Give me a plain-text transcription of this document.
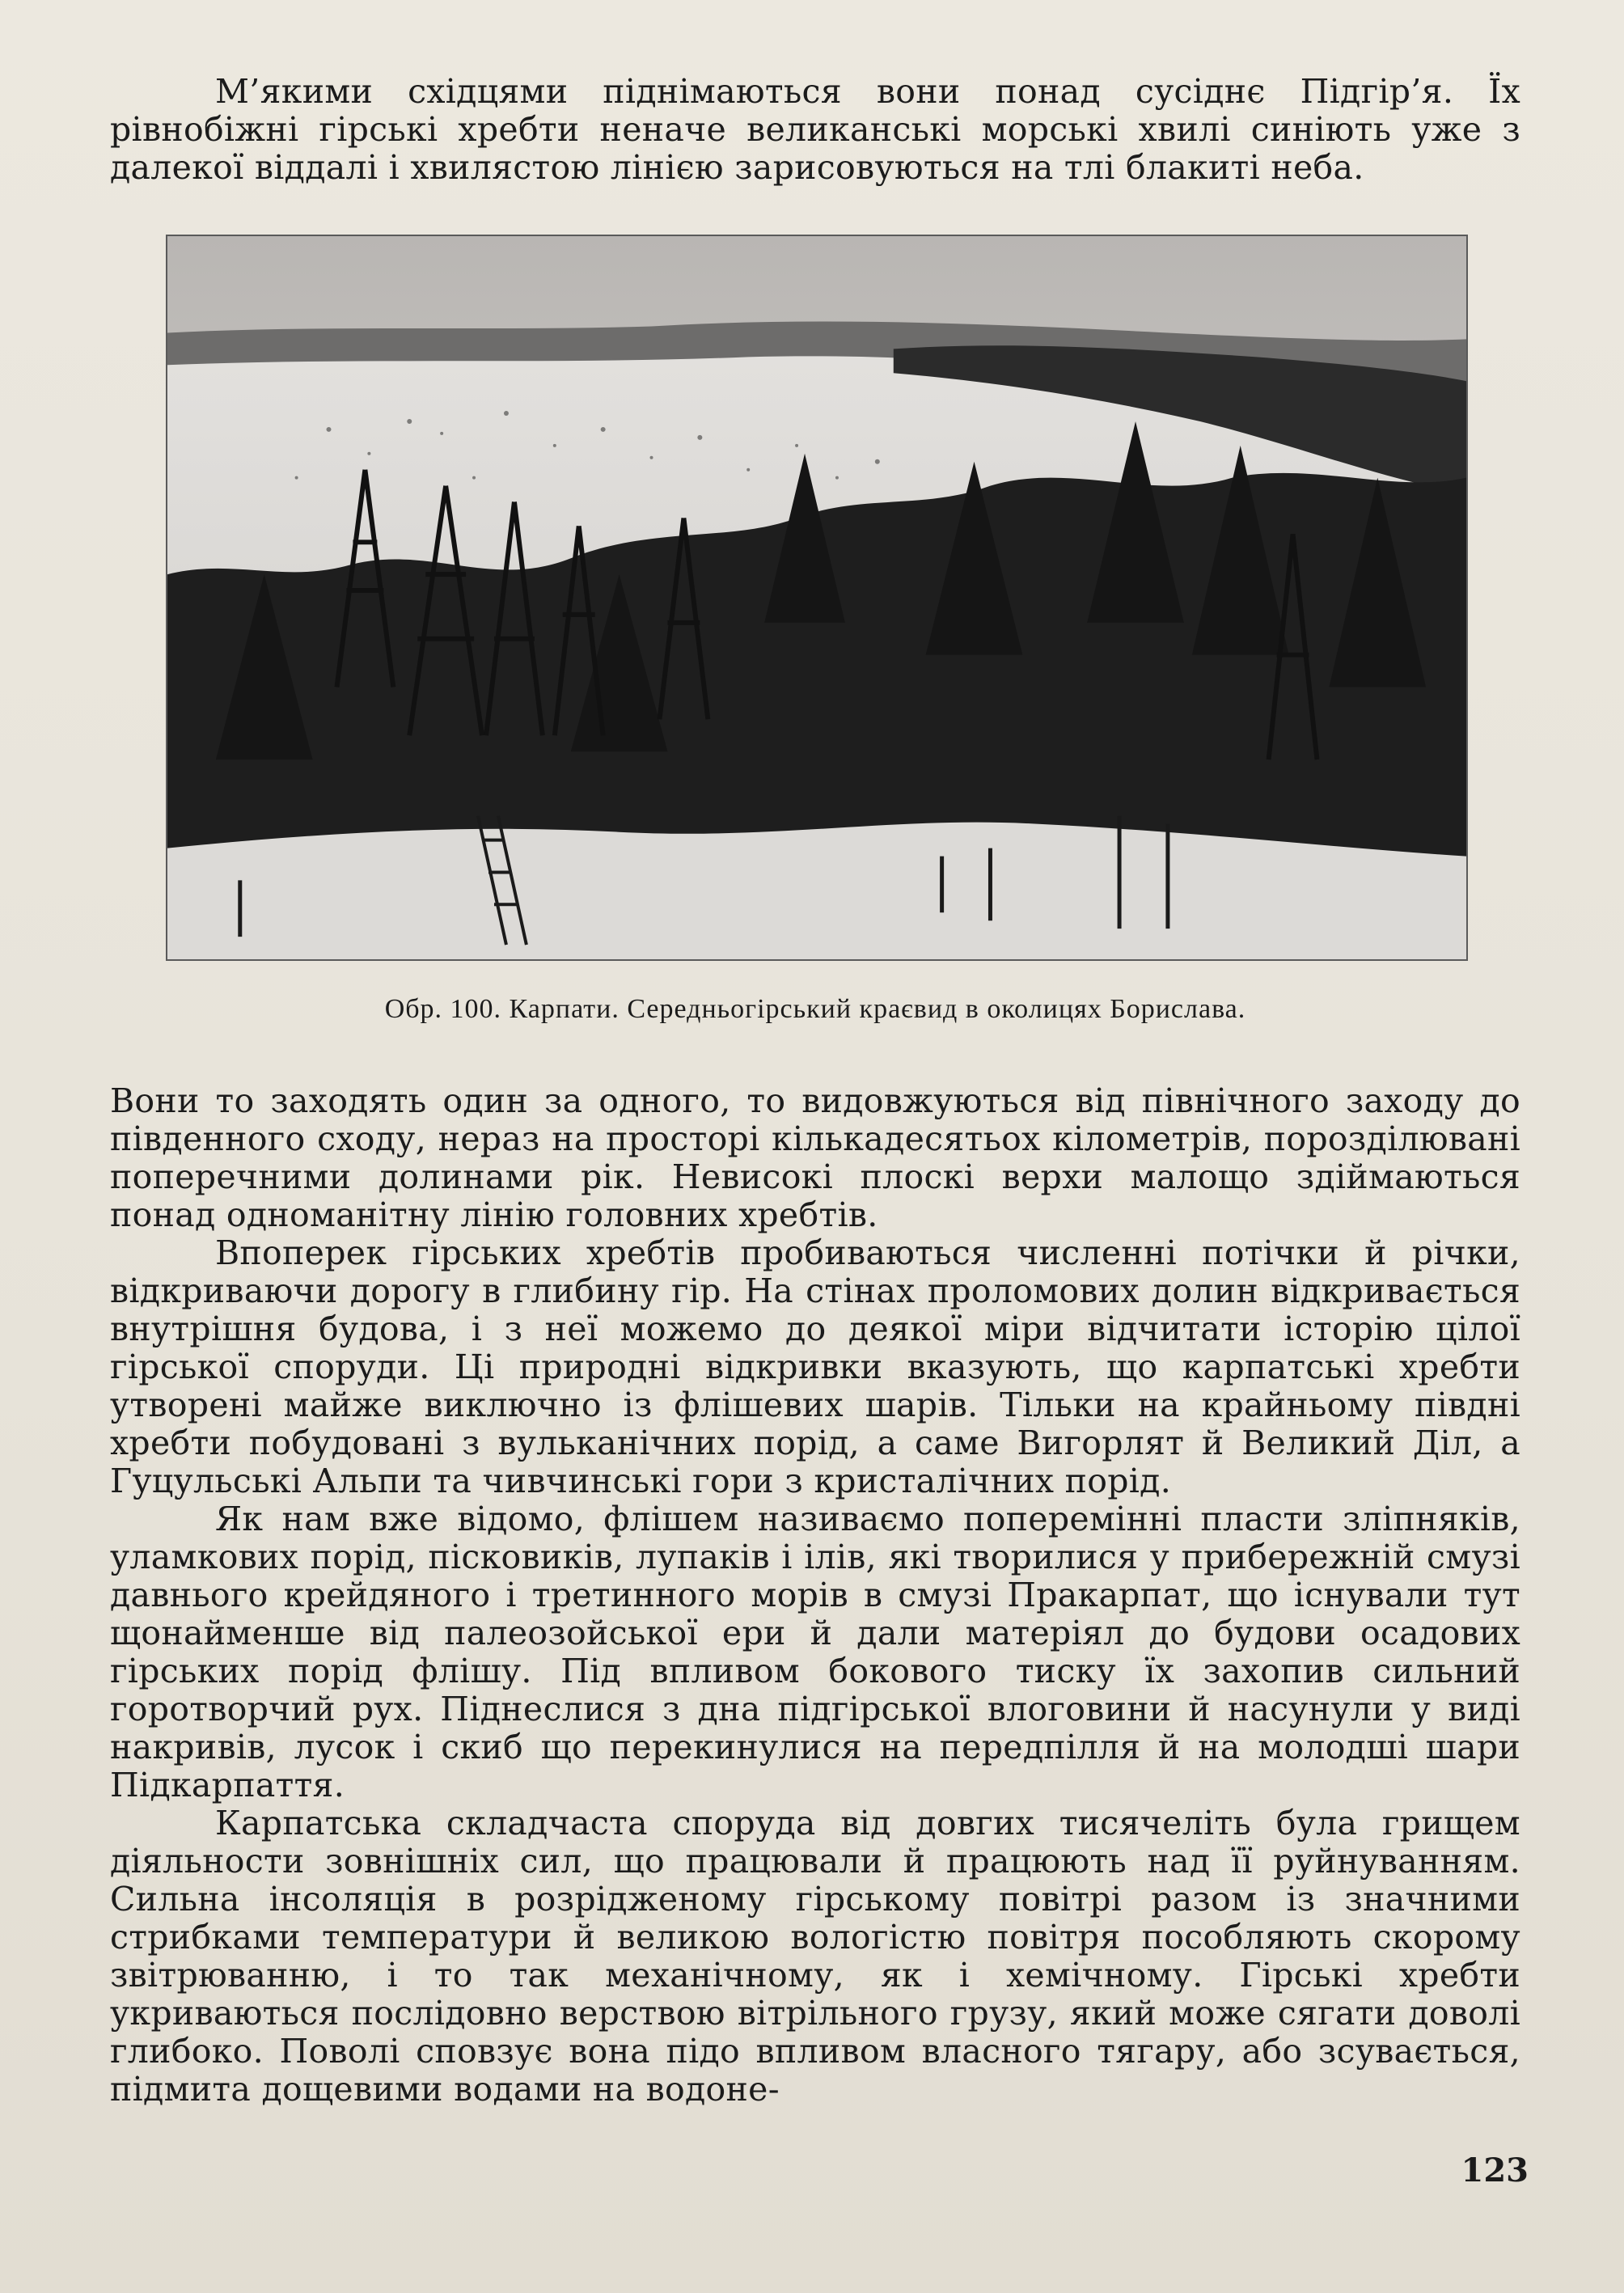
М’якими східцями піднімаються вони понад сусіднє Підгір’я. Їх рівнобіжні гірські хребти неначе великанські морські хвилі синіють уже з далекої віддалі і хвилястою лінією зарисовуються на тлі блакиті неба.

Обр. 100. Карпати. Середньогірський краєвид в околицях Борислава.

Вони то заходять один за одного, то видовжуються від північного заходу до південного сходу, нераз на просторі кількадесятьох кілометрів, порозділювані поперечними долинами рік. Невисокі плоскі верхи малощо здіймаються понад одноманітну лінію головних хребтів.

Впоперек гірських хребтів пробиваються численні потічки й річки, відкриваючи дорогу в глибину гір. На стінах проломових долин відкривається внутрішня будова, і з неї можемо до деякої міри відчитати історію цілої гірської споруди. Ці природні відкривки вказують, що карпатські хребти утворені майже виключно із флішевих шарів. Тільки на крайньому півдні хребти побудовані з вульканічних порід, а саме Вигорлят й Великий Діл, а Гуцульські Альпи та чивчинські гори з кристалічних порід.

Як нам вже відомо, флішем називаємо поперемінні пласти зліпняків, уламкових порід, пісковиків, лупаків і ілів, які творилися у прибережній смузі давнього крейдяного і третинного морів в смузі Пракарпат, що існували тут щонайменше від палеозойської ери й дали матеріял до будови осадових гірських порід флішу. Під впливом бокового тиску їх захопив сильний горотворчий рух. Піднеслися з дна підгірської влоговини й насунули у виді накривів, лусок і скиб що перекинулися на передпілля й на молодші шари Підкарпаття.

Карпатська складчаста споруда від довгих тисячеліть була грищем діяльности зовнішніх сил, що працювали й працюють над її руйнуванням. Сильна інсоляція в розрідженому гірському повітрі разом із значними стрибками температури й великою вологістю повітря пособляють скорому звітрюванню, і то так механічному, як і хемічному. Гірські хребти укриваються послідовно верствою вітрільного грузу, який може сягати доволі глибоко. Поволі сповзує вона підо впливом власного тягару, або зсувається, підмита дощевими водами на водоне-

123
